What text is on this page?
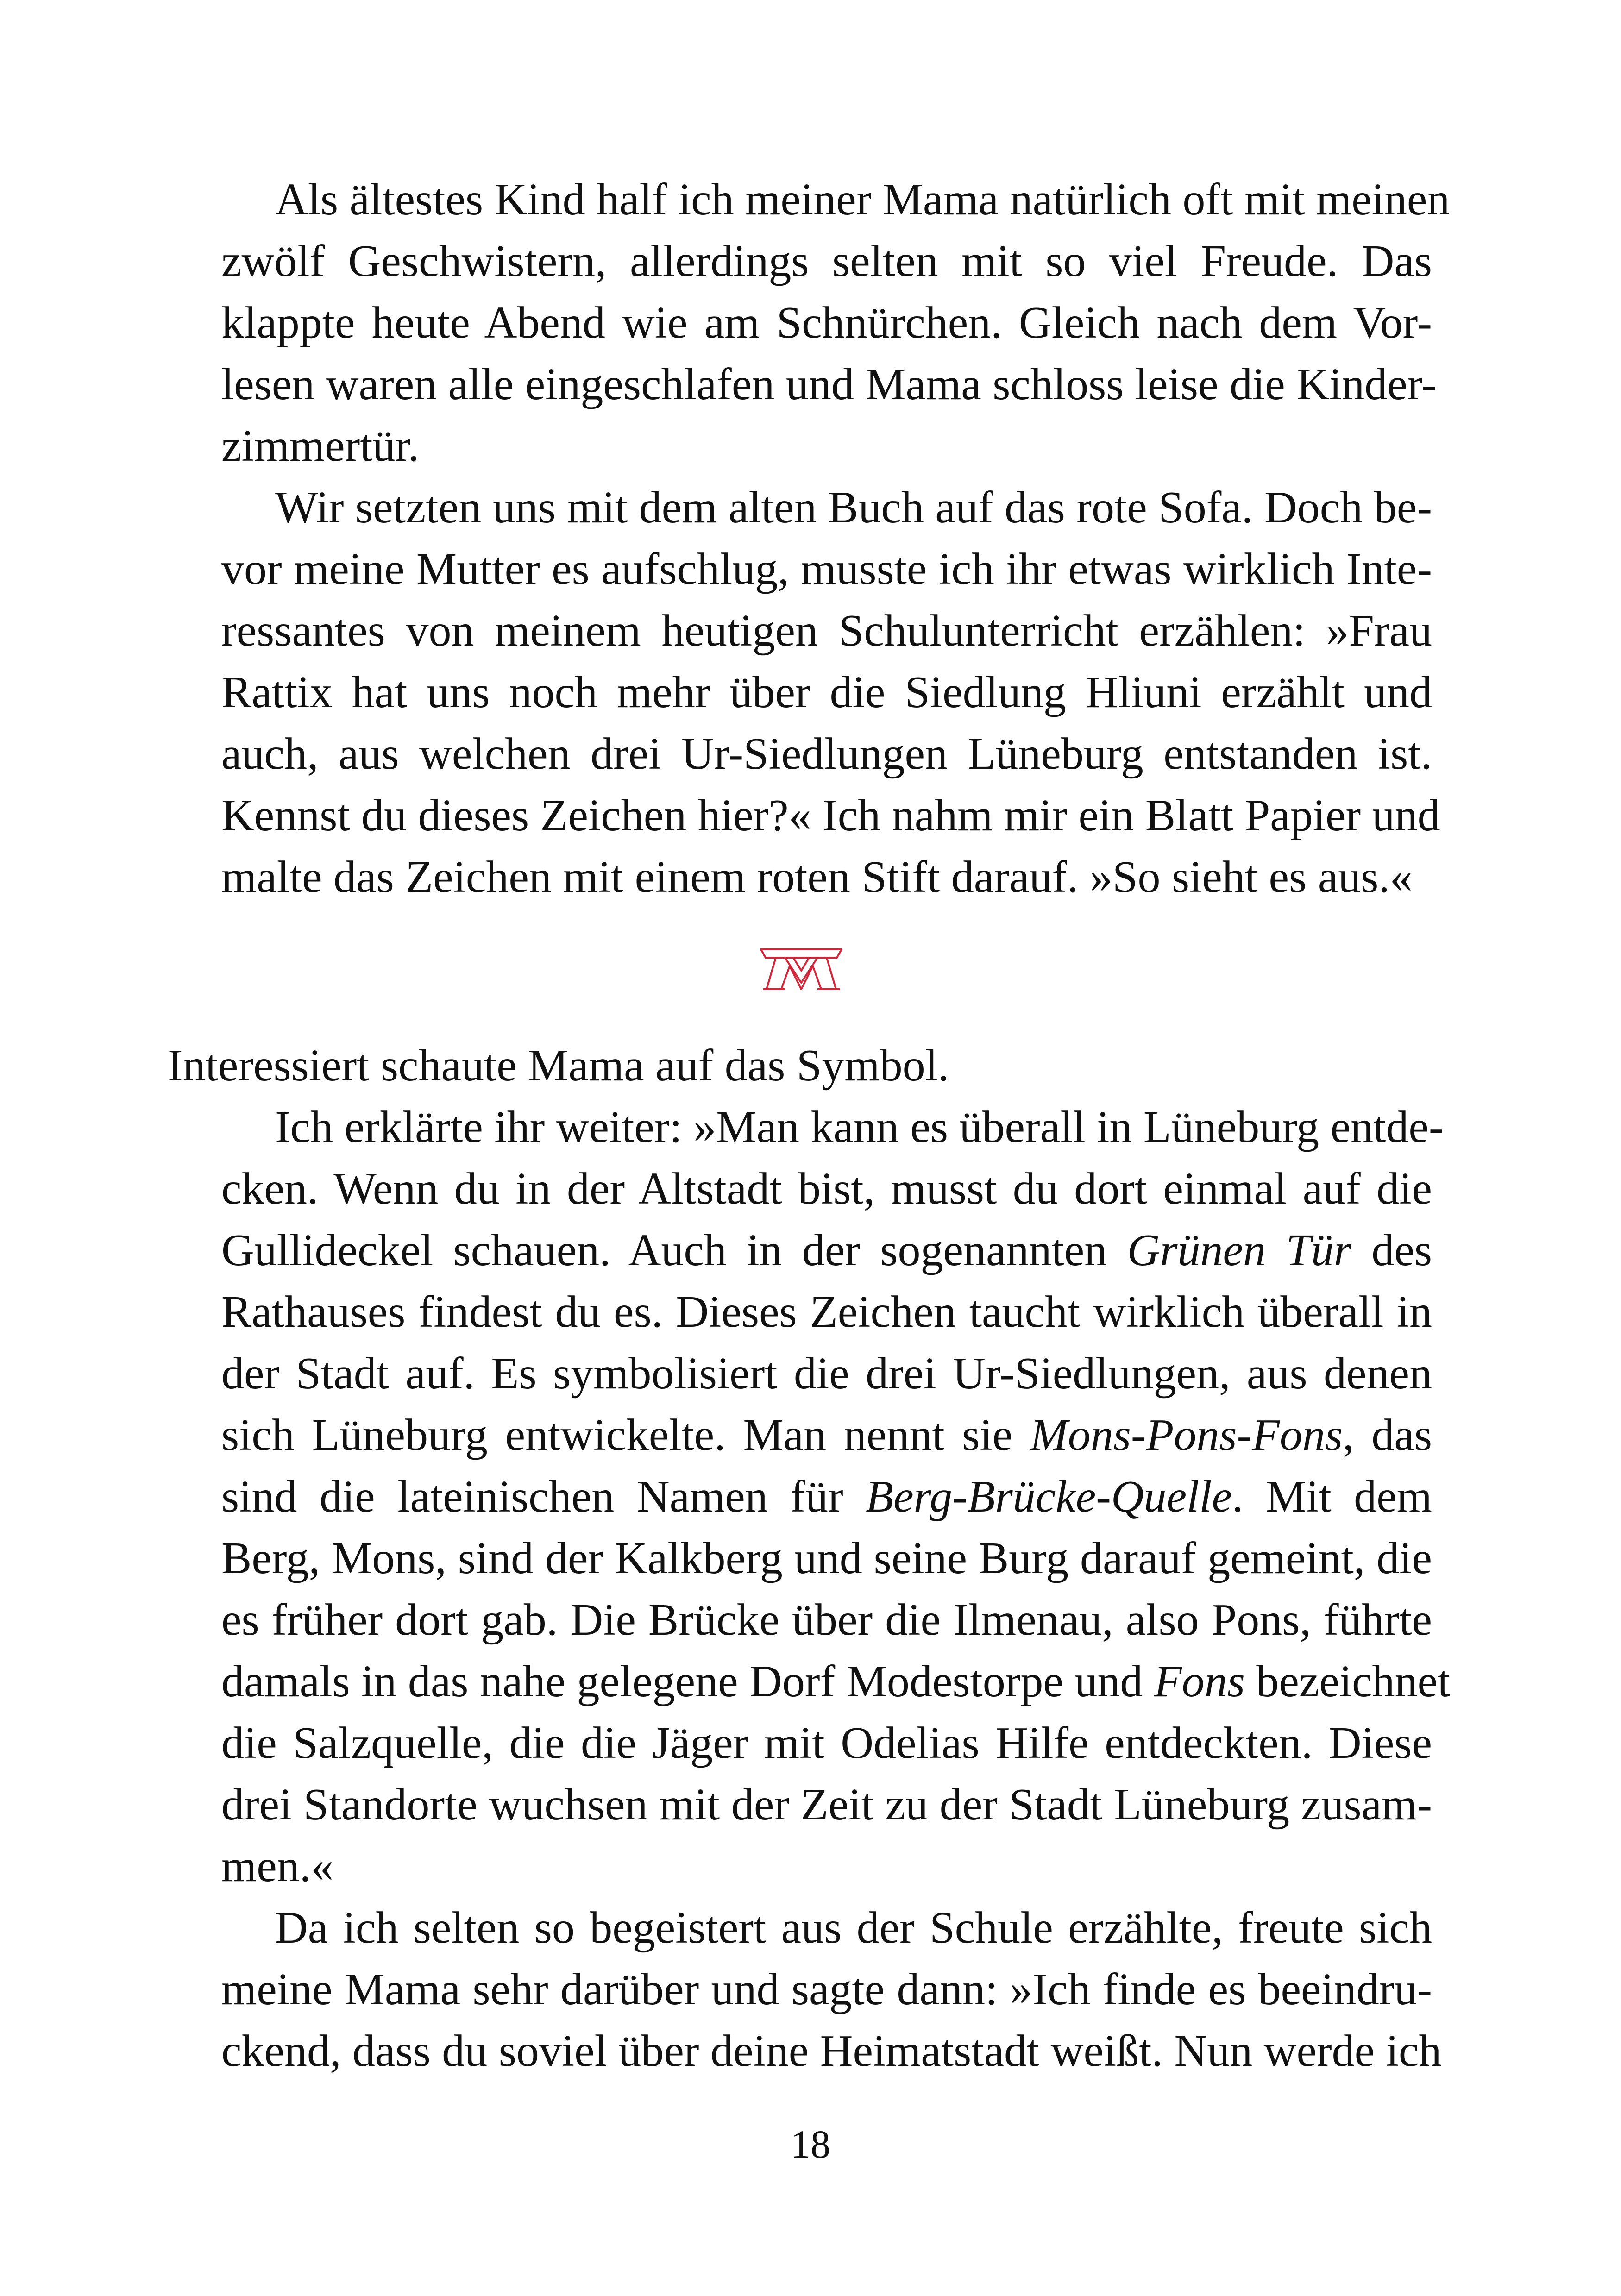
Als ältestes Kind half ich meiner Mama natürlich oft mit meinen
zwölf Geschwistern, allerdings selten mit so viel Freude. Das
klappte heute Abend wie am Schnürchen. Gleich nach dem Vor-
lesen waren alle eingeschlafen und Mama schloss leise die Kinder-
zimmertür.

Wir setzten uns mit dem alten Buch auf das rote Sofa. Doch be-
vor meine Mutter es aufschlug, musste ich ihr etwas wirklich Inte-
ressantes von meinem heutigen Schulunterricht erzählen: »Frau
Rattix hat uns noch mehr über die Siedlung Hliuni erzählt und
auch, aus welchen drei Ur-Siedlungen Lüneburg entstanden ist.
Kennst du dieses Zeichen hier?« Ich nahm mir ein Blatt Papier und
malte das Zeichen mit einem roten Stift darauf. »So sieht es aus.«

Interessiert schaute Mama auf das Symbol.

Ich erklärte ihr weiter: »Man kann es überall in Lüneburg entde-
cken. Wenn du in der Altstadt bist, musst du dort einmal auf die
Gullideckel schauen. Auch in der sogenannten Grünen Tür des
Rathauses findest du es. Dieses Zeichen taucht wirklich überall in
der Stadt auf. Es symbolisiert die drei Ur-Siedlungen, aus denen
sich Lüneburg entwickelte. Man nennt sie Mons-Pons-Fons, das
sind die lateinischen Namen für Berg-Brücke-Quelle. Mit dem
Berg, Mons, sind der Kalkberg und seine Burg darauf gemeint, die
es früher dort gab. Die Brücke über die Ilmenau, also Pons, führte
damals in das nahe gelegene Dorf Modestorpe und Fons bezeichnet
die Salzquelle, die die Jäger mit Odelias Hilfe entdeckten. Diese
drei Standorte wuchsen mit der Zeit zu der Stadt Lüneburg zusam-
men.«

Da ich selten so begeistert aus der Schule erzählte, freute sich
meine Mama sehr darüber und sagte dann: »Ich finde es beeindru-
ckend, dass du soviel über deine Heimatstadt weißt. Nun werde ich

18
